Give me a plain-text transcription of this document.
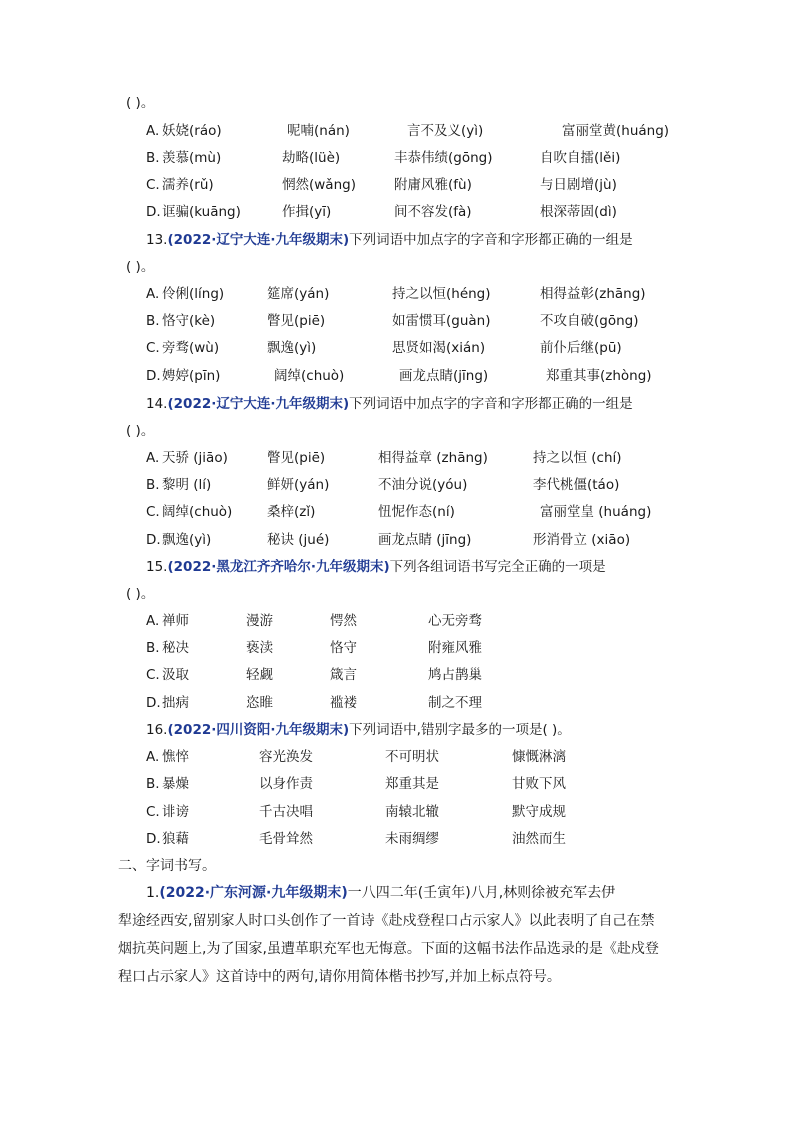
( )。
A. 妖娆(ráo)	呢喃(nán)	言不及义(yì)	富丽堂黄(huáng)
B. 羡慕(mù)	劫略(lüè)	丰恭伟绩(gōng)	自吹自擂(lěi)
C. 濡养(rǔ)	惘然(wǎng)	附庸风雅(fù)	与日剧增(jù)
D. 诓骗(kuāng)	作揖(yī)	间不容发(fà)	根深蒂固(dì)
13.(2022·辽宁大连·九年级期末)下列词语中加点字的字音和字形都正确的一组是
( )。
A. 伶俐(líng)	筵席(yán)	持之以恒(héng)	相得益彰(zhāng)
B. 恪守(kè)	瞥见(piē)	如雷惯耳(guàn)	不攻自破(gōng)
C. 旁骛(wù)	飘逸(yì)	思贤如渴(xián)	前仆后继(pū)
D. 娉婷(pīn)	阔绰(chuò)	画龙点睛(jīng)	郑重其事(zhòng)
14.(2022·辽宁大连·九年级期末)下列词语中加点字的字音和字形都正确的一组是
( )。
A. 天骄 (jiāo)	瞥见(piē)	相得益章 (zhāng)	持之以恒 (chí)
B. 黎明 (lí)	鲜妍(yán)	不油分说(yóu)	李代桃僵(táo)
C. 阔绰(chuò)	桑梓(zǐ)	忸怩作态(ní)	富丽堂皇 (huáng)
D. 飘逸(yì)	秘诀 (jué)	画龙点睛 (jīng)	形消骨立 (xiāo)
15.(2022·黑龙江齐齐哈尔·九年级期末)下列各组词语书写完全正确的一项是
( )。
A. 禅师	漫游	愕然	心无旁骛
B. 秘决	亵渎	恪守	附雍风雅
C. 汲取	轻觑	箴言	鸠占鹊巢
D. 拙病	恣睢	褴褛	制之不理
16.(2022·四川资阳·九年级期末)下列词语中,错别字最多的一项是( )。
A. 憔悴	容光涣发	不可明状	慷慨淋漓
B. 暴燥	以身作责	郑重其是	甘败下风
C. 诽谤	千古决唱	南辕北辙	默守成规
D. 狼藉	毛骨耸然	未雨绸缪	油然而生
二、字词书写。
1.(2022·广东河源·九年级期末)一八四二年(壬寅年)八月,林则徐被充军去伊
犁途经西安,留别家人时口头创作了一首诗《赴戍登程口占示家人》以此表明了自己在禁
烟抗英问题上,为了国家,虽遭革职充军也无悔意。下面的这幅书法作品选录的是《赴戍登
程口占示家人》这首诗中的两句,请你用简体楷书抄写,并加上标点符号。
